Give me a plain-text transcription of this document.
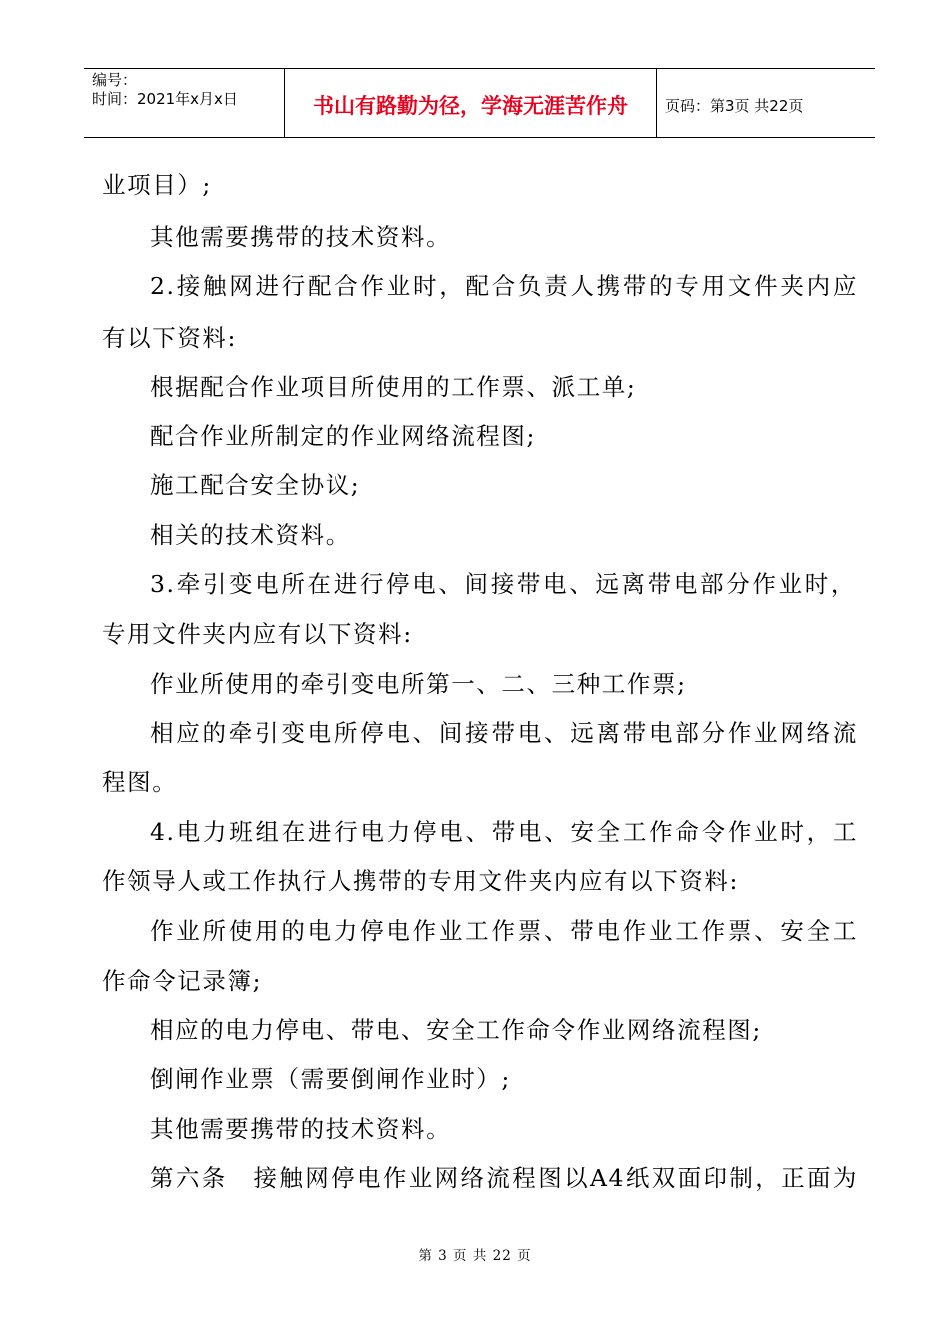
编号：
时间：2021年x月x日	书山有路勤为径，学海无涯苦作舟	页码：第3页 共22页
业项目）;
其他需要携带的技术资料。
2.接触网进行配合作业时，配合负责人携带的专用文件夹内应
有以下资料:
根据配合作业项目所使用的工作票、派工单;
配合作业所制定的作业网络流程图;
施工配合安全协议;
相关的技术资料。
3.牵引变电所在进行停电、间接带电、远离带电部分作业时，
专用文件夹内应有以下资料:
作业所使用的牵引变电所第一、二、三种工作票;
相应的牵引变电所停电、间接带电、远离带电部分作业网络流
程图。
4.电力班组在进行电力停电、带电、安全工作命令作业时，工
作领导人或工作执行人携带的专用文件夹内应有以下资料:
作业所使用的电力停电作业工作票、带电作业工作票、安全工
作命令记录簿;
相应的电力停电、带电、安全工作命令作业网络流程图;
倒闸作业票（需要倒闸作业时）;
其他需要携带的技术资料。
第六条　接触网停电作业网络流程图以A4纸双面印制，正面为
第 3 页 共 22 页
